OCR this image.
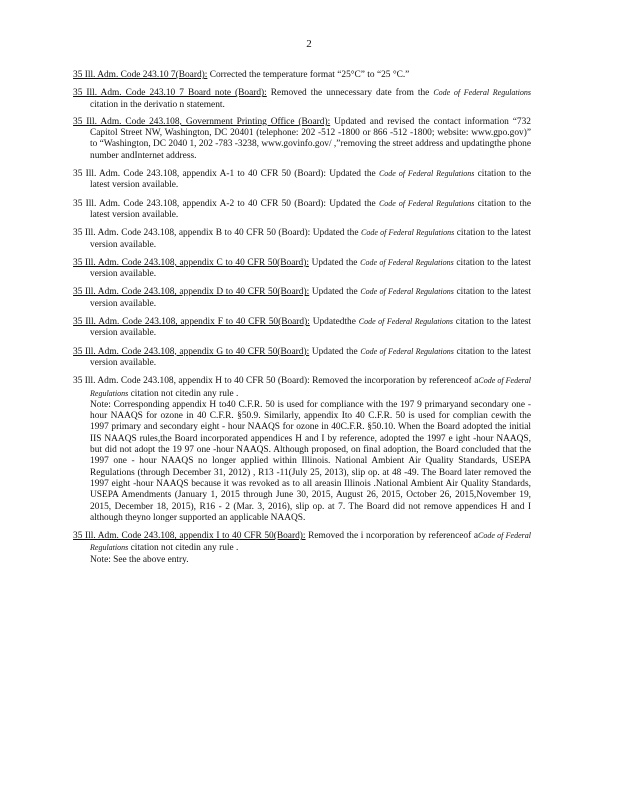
2

35 Ill. Adm. Code 243.10 7(Board): Corrected the temperature format “25°C” to “25 °C.”

35 Ill. Adm. Code 243.10 7 Board note (Board): Removed the unnecessary date from the Code of Federal Regulations citation in the derivatio n statement.

35 Ill. Adm. Code 243.108, Government Printing Office (Board): Updated and revised the contact information “732 Capitol Street NW, Washington, DC 20401 (telephone: 202 -512 -1800 or 866 -512 -1800; website: www.gpo.gov)” to “Washington, DC 2040 1, 202 -783 -3238, www.govinfo.gov/ ,”removing the street address and updatingthe phone number andInternet address.

35 Ill. Adm. Code 243.108, appendix A-1 to 40 CFR 50 (Board): Updated the Code of Federal Regulations citation to the latest version available.

35 Ill. Adm. Code 243.108, appendix A-2 to 40 CFR 50 (Board): Updated the Code of Federal Regulations citation to the latest version available.

35 Ill. Adm. Code 243.108, appendix B to 40 CFR 50 (Board): Updated the Code of Federal Regulations citation to the latest version available.

35 Ill. Adm. Code 243.108, appendix C to 40 CFR 50(Board): Updated the Code of Federal Regulations citation to the latest version available.

35 Ill. Adm. Code 243.108, appendix D to 40 CFR 50(Board): Updated the Code of Federal Regulations citation to the latest version available.

35 Ill. Adm. Code 243.108, appendix F to 40 CFR 50(Board): Updatedthe Code of Federal Regulations citation to the latest version available.

35 Ill. Adm. Code 243.108, appendix G to 40 CFR 50(Board): Updated the Code of Federal Regulations citation to the latest version available.

35 Ill. Adm. Code 243.108, appendix H to 40 CFR 50 (Board): Removed the incorporation by referenceof aCode of Federal Regulations citation not citedin any rule .
Note: Corresponding appendix H to40 C.F.R. 50 is used for compliance with the 197 9 primaryand secondary one -hour NAAQS for ozone in 40 C.F.R. §50.9. Similarly, appendix Ito 40 C.F.R. 50 is used for complian cewith the 1997 primary and secondary eight - hour NAAQS for ozone in 40C.F.R. §50.10. When the Board adopted the initial IIS NAAQS rules,the Board incorporated appendices H and I by reference, adopted the 1997 e ight -hour NAAQS, but did not adopt the 19 97 one -hour NAAQS. Although proposed, on final adoption, the Board concluded that the 1997 one - hour NAAQS no longer applied within Illinois. National Ambient Air Quality Standards, USEPA Regulations (through December 31, 2012) , R13 -11(July 25, 2013), slip op. at 48 -49. The Board later removed the 1997 eight -hour NAAQS because it was revoked as to all areasin Illinois .National Ambient Air Quality Standards, USEPA Amendments (January 1, 2015 through June 30, 2015, August 26, 2015, October 26, 2015,November 19, 2015, December 18, 2015), R16 - 2 (Mar. 3, 2016), slip op. at 7. The Board did not remove appendices H and I although theyno longer supported an applicable NAAQS.

35 Ill. Adm. Code 243.108, appendix I to 40 CFR 50(Board): Removed the i ncorporation by referenceof aCode of Federal Regulations citation not citedin any rule .
Note: See the above entry.
